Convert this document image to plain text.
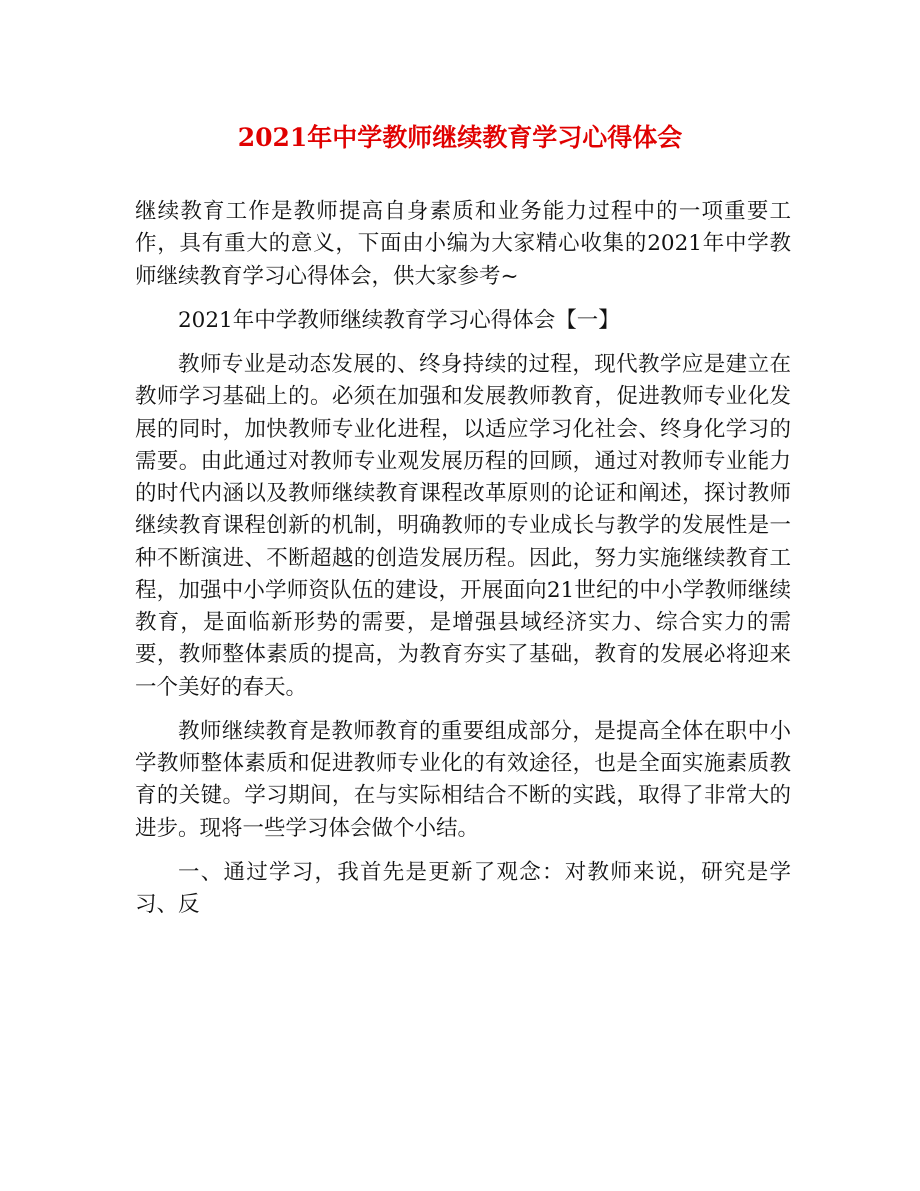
2021年中学教师继续教育学习心得体会

继续教育工作是教师提高自身素质和业务能力过程中的一项重要工作，具有重大的意义，下面由小编为大家精心收集的2021年中学教师继续教育学习心得体会，供大家参考~

2021年中学教师继续教育学习心得体会【一】

教师专业是动态发展的、终身持续的过程，现代教学应是建立在教师学习基础上的。必须在加强和发展教师教育，促进教师专业化发展的同时，加快教师专业化进程，以适应学习化社会、终身化学习的需要。由此通过对教师专业观发展历程的回顾，通过对教师专业能力的时代内涵以及教师继续教育课程改革原则的论证和阐述，探讨教师继续教育课程创新的机制，明确教师的专业成长与教学的发展性是一种不断演进、不断超越的创造发展历程。因此，努力实施继续教育工程，加强中小学师资队伍的建设，开展面向21世纪的中小学教师继续教育，是面临新形势的需要，是增强县域经济实力、综合实力的需要，教师整体素质的提高，为教育夯实了基础，教育的发展必将迎来一个美好的春天。

教师继续教育是教师教育的重要组成部分，是提高全体在职中小学教师整体素质和促进教师专业化的有效途径，也是全面实施素质教育的关键。学习期间，在与实际相结合不断的实践，取得了非常大的进步。现将一些学习体会做个小结。

一、通过学习，我首先是更新了观念：对教师来说，研究是学习、反
